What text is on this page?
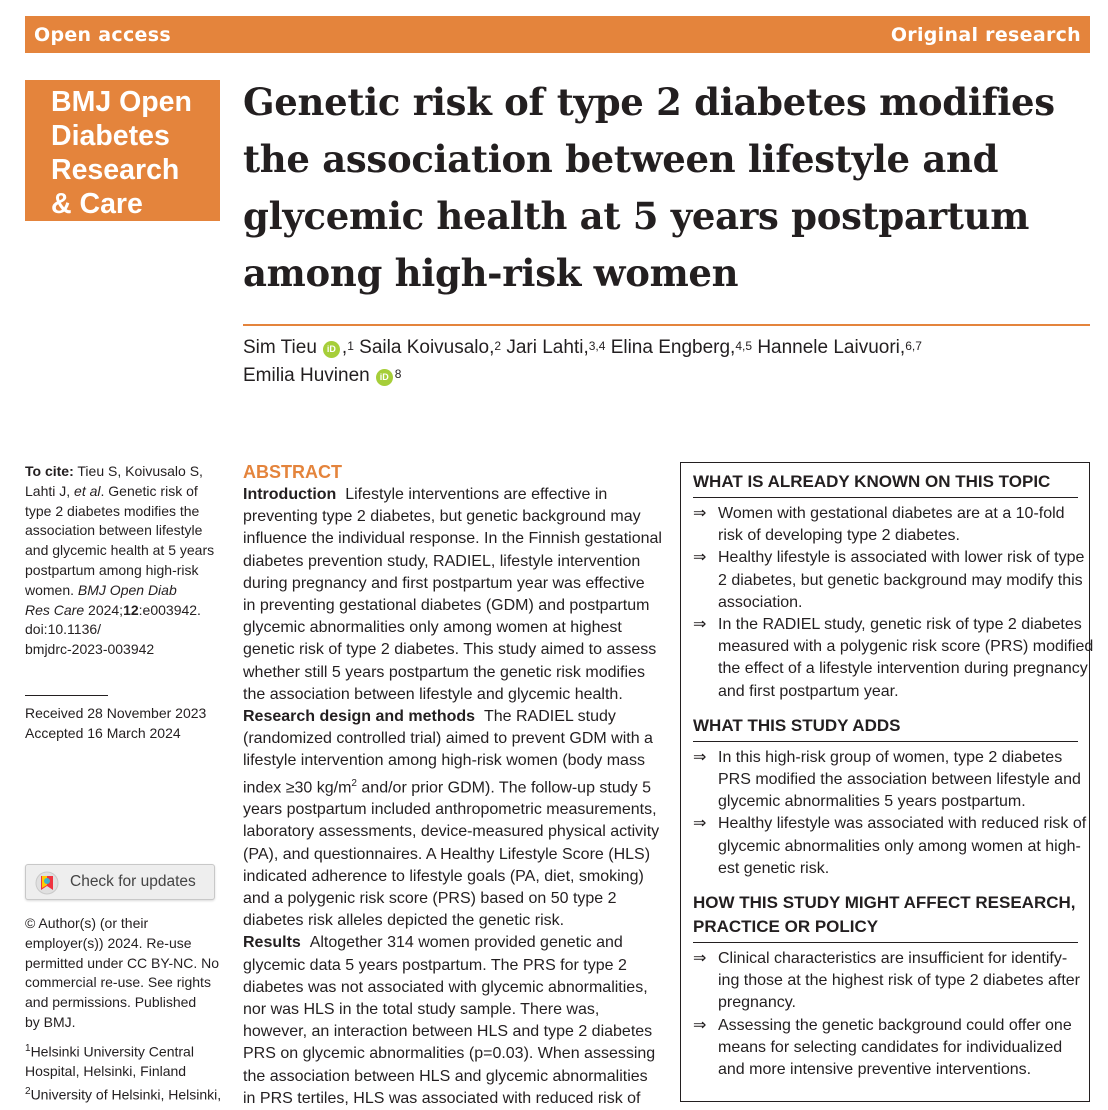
Open access	Original research
BMJ Open
Diabetes
Research
& Care
Genetic risk of type 2 diabetes modifies
the association between lifestyle and
glycemic health at 5 years postpartum
among high-risk women
Sim Tieu iD ,$^1$ Saila Koivusalo,$^2$ Jari Lahti,$^{3,4}$ Elina Engberg,$^{4,5}$ Hannele Laivuori,$^{6,7}$
Emilia Huvinen iD $^8$
To cite: Tieu S, Koivusalo S,
Lahti J, et al. Genetic risk of
type 2 diabetes modifies the
association between lifestyle
and glycemic health at 5 years
postpartum among high-risk
women. BMJ Open Diab
Res Care 2024;12:e003942.
doi:10.1136/
bmjdrc-2023-003942
Received 28 November 2023
Accepted 16 March 2024
Check for updates
© Author(s) (or their
employer(s)) 2024. Re-use
permitted under CC BY-NC. No
commercial re-use. See rights
and permissions. Published
by BMJ.
$^1$Helsinki University Central
Hospital, Helsinki, Finland
$^2$University of Helsinki, Helsinki,
ABSTRACT
Introduction Lifestyle interventions are effective in
preventing type 2 diabetes, but genetic background may
influence the individual response. In the Finnish gestational
diabetes prevention study, RADIEL, lifestyle intervention
during pregnancy and first postpartum year was effective
in preventing gestational diabetes (GDM) and postpartum
glycemic abnormalities only among women at highest
genetic risk of type 2 diabetes. This study aimed to assess
whether still 5 years postpartum the genetic risk modifies
the association between lifestyle and glycemic health.
Research design and methods The RADIEL study
(randomized controlled trial) aimed to prevent GDM with a
lifestyle intervention among high-risk women (body mass
index ≥30 $kg/m^2$ and/or prior GDM). The follow-up study 5
years postpartum included anthropometric measurements,
laboratory assessments, device-measured physical activity
(PA), and questionnaires. A Healthy Lifestyle Score (HLS)
indicated adherence to lifestyle goals (PA, diet, smoking)
and a polygenic risk score (PRS) based on 50 type 2
diabetes risk alleles depicted the genetic risk.
Results Altogether 314 women provided genetic and
glycemic data 5 years postpartum. The PRS for type 2
diabetes was not associated with glycemic abnormalities,
nor was HLS in the total study sample. There was,
however, an interaction between HLS and type 2 diabetes
PRS on glycemic abnormalities (p=0.03). When assessing
the association between HLS and glycemic abnormalities
in PRS tertiles, HLS was associated with reduced risk of
WHAT IS ALREADY KNOWN ON THIS TOPIC
⇒ Women with gestational diabetes are at a 10-fold
risk of developing type 2 diabetes.
⇒ Healthy lifestyle is associated with lower risk of type
2 diabetes, but genetic background may modify this
association.
⇒ In the RADIEL study, genetic risk of type 2 diabetes
measured with a polygenic risk score (PRS) modified
the effect of a lifestyle intervention during pregnancy
and first postpartum year.
WHAT THIS STUDY ADDS
⇒ In this high-risk group of women, type 2 diabetes
PRS modified the association between lifestyle and
glycemic abnormalities 5 years postpartum.
⇒ Healthy lifestyle was associated with reduced risk of
glycemic abnormalities only among women at high-
est genetic risk.
HOW THIS STUDY MIGHT AFFECT RESEARCH,
PRACTICE OR POLICY
⇒ Clinical characteristics are insufficient for identify-
ing those at the highest risk of type 2 diabetes after
pregnancy.
⇒ Assessing the genetic background could offer one
means for selecting candidates for individualized
and more intensive preventive interventions.
